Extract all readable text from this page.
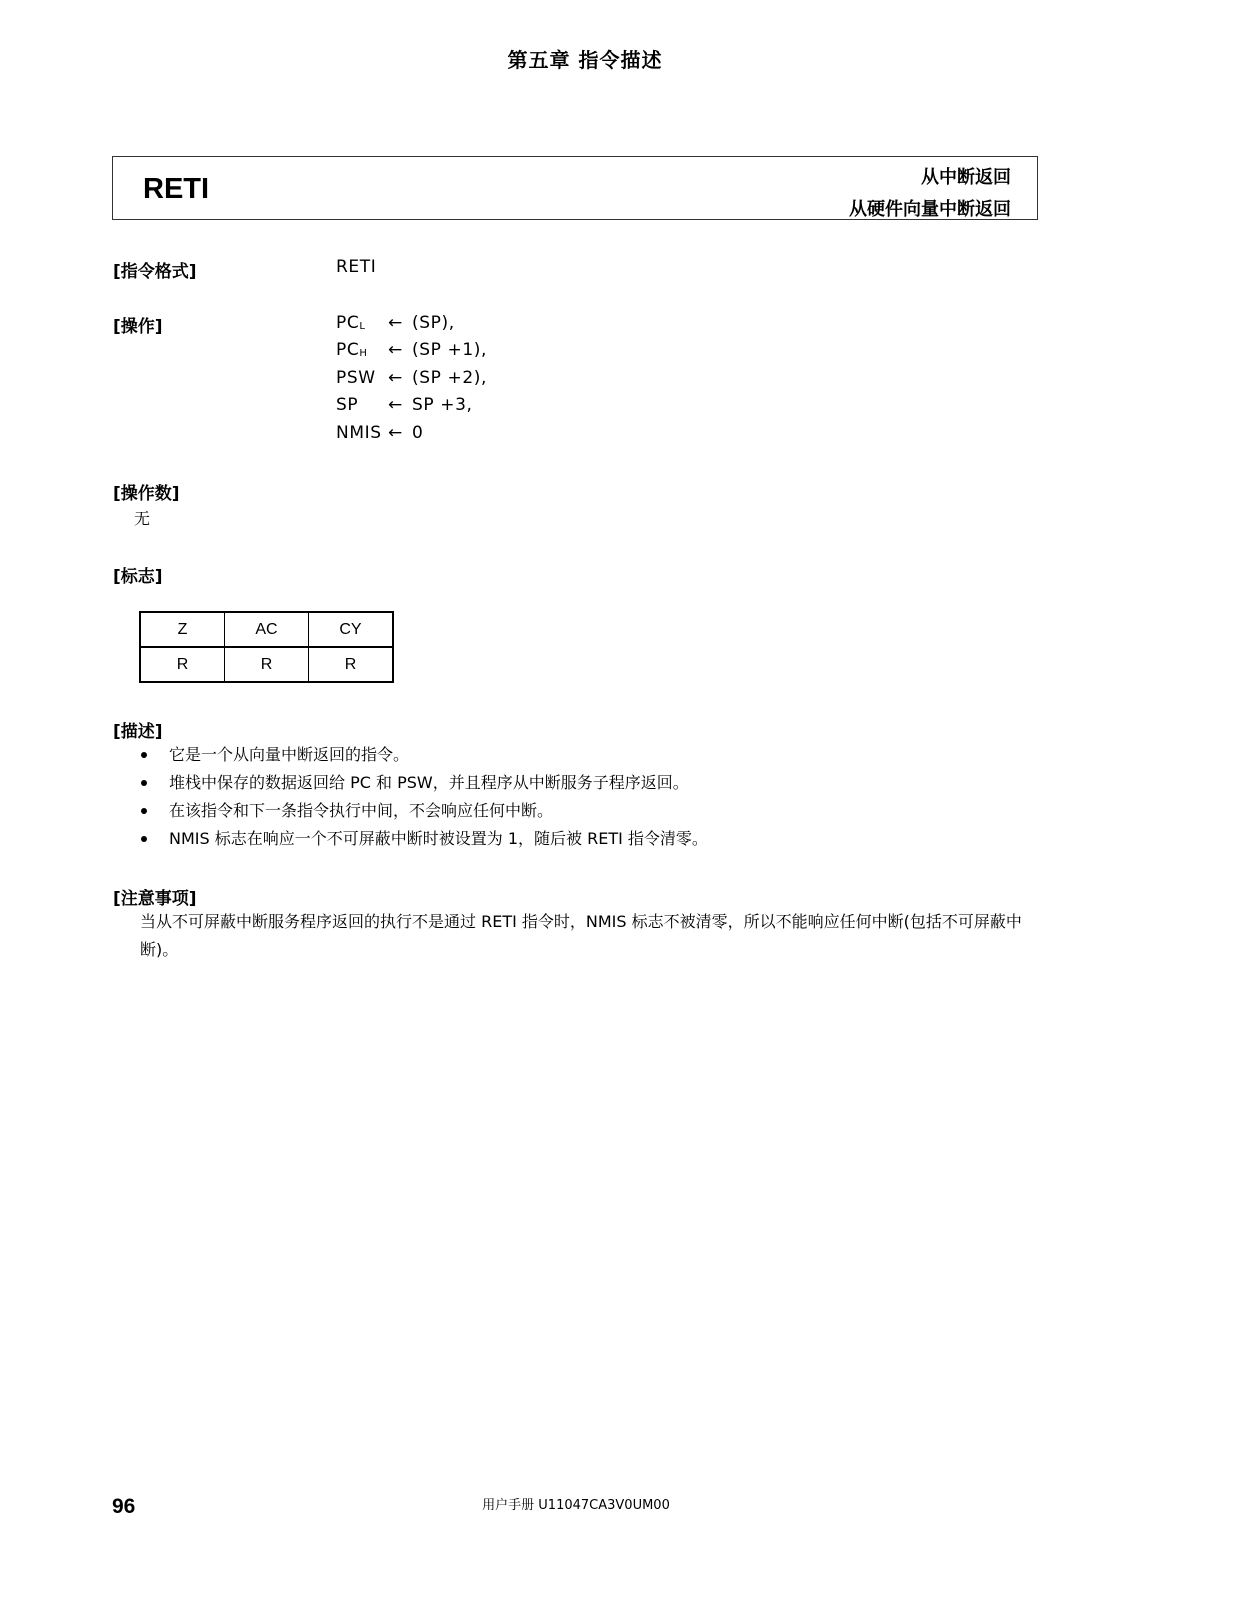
第五章 指令描述
RETI	从中断返回
从硬件向量中断返回
[指令格式]	RETI
[操作]	$PC_L$	←	(SP),
$PC_H$	←	(SP +1),
PSW	←	(SP +2),
SP	←	SP +3,
NMIS	←	0
[操作数]
无
[标志]
Z	AC	CY
R	R	R
[描述]
它是一个从向量中断返回的指令。
堆栈中保存的数据返回给 PC 和 PSW，并且程序从中断服务子程序返回。
在该指令和下一条指令执行中间，不会响应任何中断。
NMIS 标志在响应一个不可屏蔽中断时被设置为 1，随后被 RETI 指令清零。
[注意事项]
当从不可屏蔽中断服务程序返回的执行不是通过 RETI 指令时，NMIS 标志不被清零，所以不能响应任何中断(包括不可屏蔽中断)。
96	用户手册 U11047CA3V0UM00
